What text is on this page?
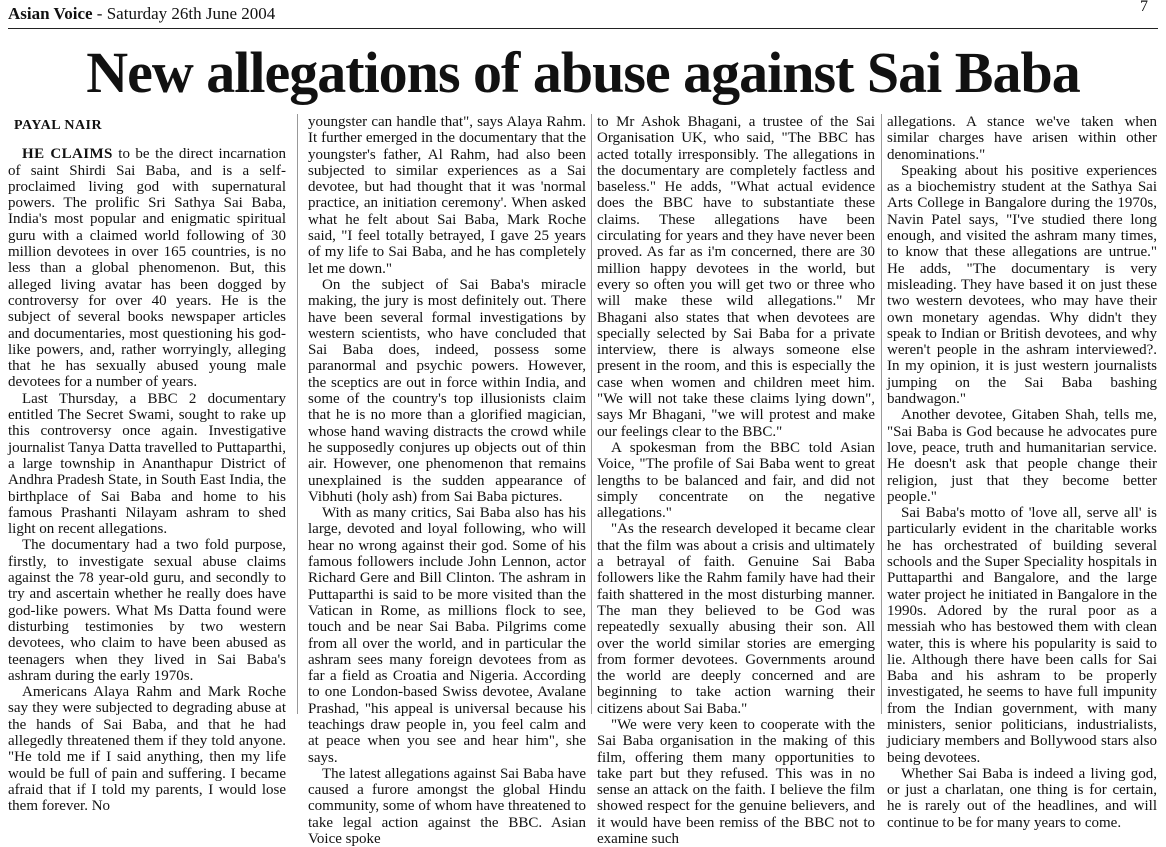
Asian Voice - Saturday 26th June 2004	7
New allegations of abuse against Sai Baba
PAYAL NAIR

HE CLAIMS to be the direct incarnation of saint Shirdi Sai Baba, and is a self-proclaimed living god with supernatural powers. The prolific Sri Sathya Sai Baba, India's most popular and enigmatic spiritual guru with a claimed world following of 30 million devotees in over 165 countries, is no less than a global phenomenon. But, this alleged living avatar has been dogged by controversy for over 40 years. He is the subject of several books newspaper articles and documentaries, most questioning his god-like powers, and, rather worryingly, alleging that he has sexually abused young male devotees for a number of years.

Last Thursday, a BBC 2 documentary entitled The Secret Swami, sought to rake up this controversy once again. Investigative journalist Tanya Datta travelled to Puttaparthi, a large township in Ananthapur District of Andhra Pradesh State, in South East India, the birthplace of Sai Baba and home to his famous Prashanti Nilayam ashram to shed light on recent allegations.

The documentary had a two fold purpose, firstly, to investigate sexual abuse claims against the 78 year-old guru, and secondly to try and ascertain whether he really does have god-like powers. What Ms Datta found were disturbing testimonies by two western devotees, who claim to have been abused as teenagers when they lived in Sai Baba's ashram during the early 1970s.

Americans Alaya Rahm and Mark Roche say they were subjected to degrading abuse at the hands of Sai Baba, and that he had allegedly threatened them if they told anyone. "He told me if I said anything, then my life would be full of pain and suffering. I became afraid that if I told my parents, I would lose them forever. No

youngster can handle that", says Alaya Rahm. It further emerged in the documentary that the youngster's father, Al Rahm, had also been subjected to similar experiences as a Sai devotee, but had thought that it was 'normal practice, an initiation ceremony'. When asked what he felt about Sai Baba, Mark Roche said, "I feel totally betrayed, I gave 25 years of my life to Sai Baba, and he has completely let me down."

On the subject of Sai Baba's miracle making, the jury is most definitely out. There have been several formal investigations by western scientists, who have concluded that Sai Baba does, indeed, possess some paranormal and psychic powers. However, the sceptics are out in force within India, and some of the country's top illusionists claim that he is no more than a glorified magician, whose hand waving distracts the crowd while he supposedly conjures up objects out of thin air. However, one phenomenon that remains unexplained is the sudden appearance of Vibhuti (holy ash) from Sai Baba pictures.

With as many critics, Sai Baba also has his large, devoted and loyal following, who will hear no wrong against their god. Some of his famous followers include John Lennon, actor Richard Gere and Bill Clinton. The ashram in Puttaparthi is said to be more visited than the Vatican in Rome, as millions flock to see, touch and be near Sai Baba. Pilgrims come from all over the world, and in particular the ashram sees many foreign devotees from as far a field as Croatia and Nigeria. According to one London-based Swiss devotee, Avalane Prashad, "his appeal is universal because his teachings draw people in, you feel calm and at peace when you see and hear him", she says.

The latest allegations against Sai Baba have caused a furore amongst the global Hindu community, some of whom have threatened to take legal action against the BBC. Asian Voice spoke

to Mr Ashok Bhagani, a trustee of the Sai Organisation UK, who said, "The BBC has acted totally irresponsibly. The allegations in the documentary are completely factless and baseless." He adds, "What actual evidence does the BBC have to substantiate these claims. These allegations have been circulating for years and they have never been proved. As far as i'm concerned, there are 30 million happy devotees in the world, but every so often you will get two or three who will make these wild allegations." Mr Bhagani also states that when devotees are specially selected by Sai Baba for a private interview, there is always someone else present in the room, and this is especially the case when women and children meet him. "We will not take these claims lying down", says Mr Bhagani, "we will protest and make our feelings clear to the BBC."

A spokesman from the BBC told Asian Voice, "The profile of Sai Baba went to great lengths to be balanced and fair, and did not simply concentrate on the negative allegations."

"As the research developed it became clear that the film was about a crisis and ultimately a betrayal of faith. Genuine Sai Baba followers like the Rahm family have had their faith shattered in the most disturbing manner. The man they believed to be God was repeatedly sexually abusing their son. All over the world similar stories are emerging from former devotees. Governments around the world are deeply concerned and are beginning to take action warning their citizens about Sai Baba."

"We were very keen to cooperate with the Sai Baba organisation in the making of this film, offering them many opportunities to take part but they refused. This was in no sense an attack on the faith. I believe the film showed respect for the genuine believers, and it would have been remiss of the BBC not to examine such

allegations. A stance we've taken when similar charges have arisen within other denominations."

Speaking about his positive experiences as a biochemistry student at the Sathya Sai Arts College in Bangalore during the 1970s, Navin Patel says, "I've studied there long enough, and visited the ashram many times, to know that these allegations are untrue." He adds, "The documentary is very misleading. They have based it on just these two western devotees, who may have their own monetary agendas. Why didn't they speak to Indian or British devotees, and why weren't people in the ashram interviewed?. In my opinion, it is just western journalists jumping on the Sai Baba bashing bandwagon."

Another devotee, Gitaben Shah, tells me, "Sai Baba is God because he advocates pure love, peace, truth and humanitarian service. He doesn't ask that people change their religion, just that they become better people."

Sai Baba's motto of 'love all, serve all' is particularly evident in the charitable works he has orchestrated of building several schools and the Super Speciality hospitals in Puttaparthi and Bangalore, and the large water project he initiated in Bangalore in the 1990s. Adored by the rural poor as a messiah who has bestowed them with clean water, this is where his popularity is said to lie. Although there have been calls for Sai Baba and his ashram to be properly investigated, he seems to have full impunity from the Indian government, with many ministers, senior politicians, industrialists, judiciary members and Bollywood stars also being devotees.

Whether Sai Baba is indeed a living god, or just a charlatan, one thing is for certain, he is rarely out of the headlines, and will continue to be for many years to come.
